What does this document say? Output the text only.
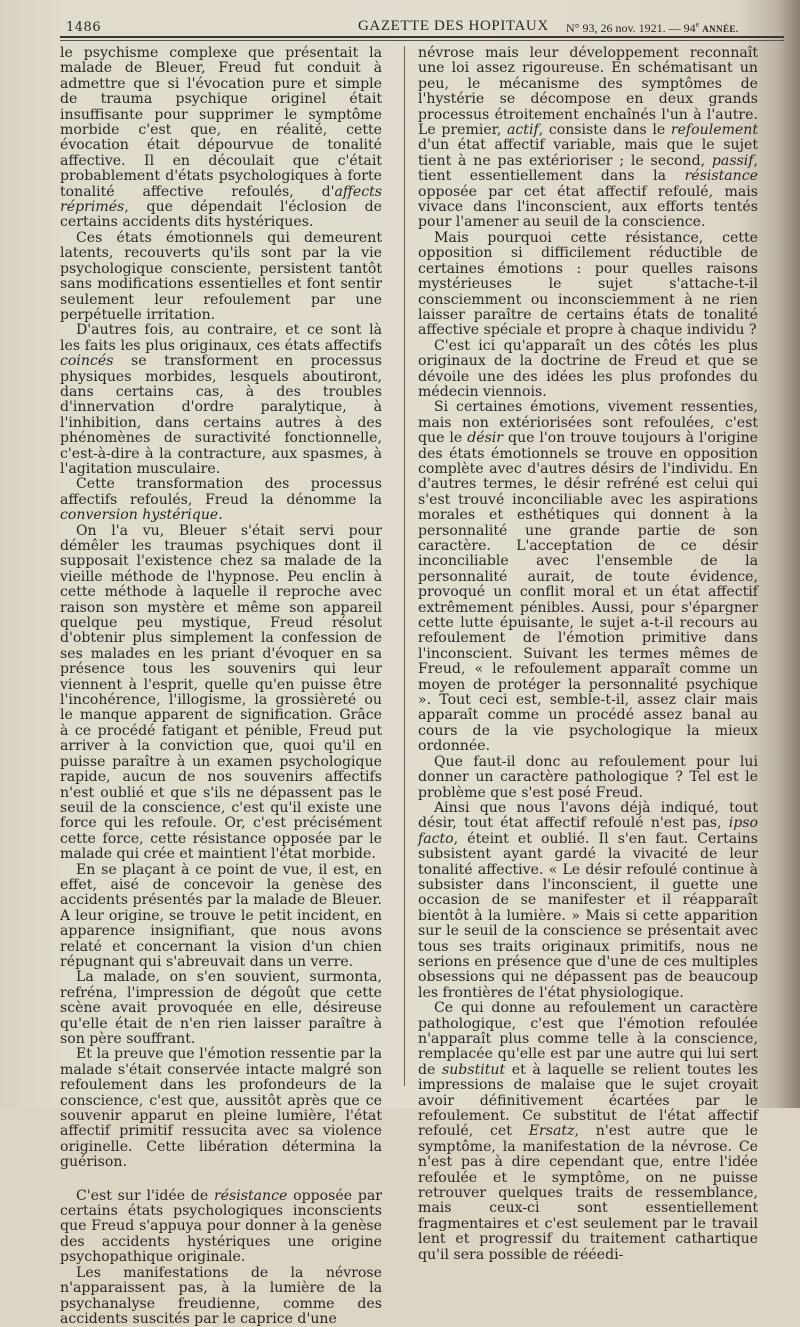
1486	GAZETTE DES HOPITAUX N° 93, 26 nov. 1921. — 94e ANNÉE.

le psychisme complexe que présentait la malade de Bleuer, Freud fut conduit à admettre que si l'évocation pure et simple de trauma psychique originel était insuffisante pour supprimer le symptôme morbide c'est que, en réalité, cette évocation était dépourvue de tonalité affective. Il en découlait que c'était probablement d'états psychologiques à forte tonalité affective refoulés, d'affects réprimés, que dépendait l'éclosion de certains accidents dits hystériques.

Ces états émotionnels qui demeurent latents, recouverts qu'ils sont par la vie psychologique consciente, persistent tantôt sans modifications essentielles et font sentir seulement leur refoulement par une perpétuelle irritation.

D'autres fois, au contraire, et ce sont là les faits les plus originaux, ces états affectifs coincés se transforment en processus physiques morbides, lesquels aboutiront, dans certains cas, à des troubles d'innervation d'ordre paralytique, à l'inhibition, dans certains autres à des phénomènes de suractivité fonctionnelle, c'est-à-dire à la contracture, aux spasmes, à l'agitation musculaire.

Cette transformation des processus affectifs refoulés, Freud la dénomme la conversion hystérique.

On l'a vu, Bleuer s'était servi pour démêler les traumas psychiques dont il supposait l'existence chez sa malade de la vieille méthode de l'hypnose. Peu enclin à cette méthode à laquelle il reproche avec raison son mystère et même son appareil quelque peu mystique, Freud résolut d'obtenir plus simplement la confession de ses malades en les priant d'évoquer en sa présence tous les souvenirs qui leur viennent à l'esprit, quelle qu'en puisse être l'incohérence, l'illogisme, la grossièreté ou le manque apparent de signification. Grâce à ce procédé fatigant et pénible, Freud put arriver à la conviction que, quoi qu'il en puisse paraître à un examen psychologique rapide, aucun de nos souvenirs affectifs n'est oublié et que s'ils ne dépassent pas le seuil de la conscience, c'est qu'il existe une force qui les refoule. Or, c'est précisément cette force, cette résistance opposée par le malade qui crée et maintient l'état morbide.

En se plaçant à ce point de vue, il est, en effet, aisé de concevoir la genèse des accidents présentés par la malade de Bleuer. A leur origine, se trouve le petit incident, en apparence insignifiant, que nous avons relaté et concernant la vision d'un chien répugnant qui s'abreuvait dans un verre.

La malade, on s'en souvient, surmonta, refréna, l'impression de dégoût que cette scène avait provoquée en elle, désireuse qu'elle était de n'en rien laisser paraître à son père souffrant.

Et la preuve que l'émotion ressentie par la malade s'était conservée intacte malgré son refoulement dans les profondeurs de la conscience, c'est que, aussitôt après que ce souvenir apparut en pleine lumière, l'état affectif primitif ressucita avec sa violence originelle. Cette libération détermina la guérison.

C'est sur l'idée de résistance opposée par certains états psychologiques inconscients que Freud s'appuya pour donner à la genèse des accidents hystériques une origine psychopathique originale.

Les manifestations de la névrose n'apparaissent pas, à la lumière de la psychanalyse freudienne, comme des accidents suscités par le caprice d'une

névrose mais leur développement reconnaît une loi assez rigoureuse. En schématisant un peu, le mécanisme des symptômes de l'hystérie se décompose en deux grands processus étroitement enchaînés l'un à l'autre. Le premier, actif, consiste dans le refoulement d'un état affectif variable, mais que le sujet tient à ne pas extérioriser ; le second, passif, tient essentiellement dans la résistance opposée par cet état affectif refoulé, mais vivace dans l'inconscient, aux efforts tentés pour l'amener au seuil de la conscience.

Mais pourquoi cette résistance, cette opposition si difficilement réductible de certaines émotions : pour quelles raisons mystérieuses le sujet s'attache-t-il consciemment ou inconsciemment à ne rien laisser paraître de certains états de tonalité affective spéciale et propre à chaque individu ?

C'est ici qu'apparaît un des côtés les plus originaux de la doctrine de Freud et que se dévoile une des idées les plus profondes du médecin viennois.

Si certaines émotions, vivement ressenties, mais non extériorisées sont refoulées, c'est que le désir que l'on trouve toujours à l'origine des états émotionnels se trouve en opposition complète avec d'autres désirs de l'individu. En d'autres termes, le désir refréné est celui qui s'est trouvé inconciliable avec les aspirations morales et esthétiques qui donnent à la personnalité une grande partie de son caractère. L'acceptation de ce désir inconciliable avec l'ensemble de la personnalité aurait, de toute évidence, provoqué un conflit moral et un état affectif extrêmement pénibles. Aussi, pour s'épargner cette lutte épuisante, le sujet a-t-il recours au refoulement de l'émotion primitive dans l'inconscient. Suivant les termes mêmes de Freud, « le refoulement apparaît comme un moyen de protéger la personnalité psychique ». Tout ceci est, semble-t-il, assez clair mais apparaît comme un procédé assez banal au cours de la vie psychologique la mieux ordonnée.

Que faut-il donc au refoulement pour lui donner un caractère pathologique ? Tel est le problème que s'est posé Freud.

Ainsi que nous l'avons déjà indiqué, tout désir, tout état affectif refoulé n'est pas, ipso facto, éteint et oublié. Il s'en faut. Certains subsistent ayant gardé la vivacité de leur tonalité affective. « Le désir refoulé continue à subsister dans l'inconscient, il guette une occasion de se manifester et il réapparaît bientôt à la lumière. » Mais si cette apparition sur le seuil de la conscience se présentait avec tous ses traits originaux primitifs, nous ne serions en présence que d'une de ces multiples obsessions qui ne dépassent pas de beaucoup les frontières de l'état physiologique.

Ce qui donne au refoulement un caractère pathologique, c'est que l'émotion refoulée n'apparaît plus comme telle à la conscience, remplacée qu'elle est par une autre qui lui sert de substitut et à laquelle se relient toutes les impressions de malaise que le sujet croyait avoir définitivement écartées par le refoulement. Ce substitut de l'état affectif refoulé, cet Ersatz, n'est autre que le symptôme, la manifestation de la névrose. Ce n'est pas à dire cependant que, entre l'idée refoulée et le symptôme, on ne puisse retrouver quelques traits de ressemblance, mais ceux-ci sont essentiellement fragmentaires et c'est seulement par le travail lent et progressif du traitement cathartique qu'il sera possible de rééedi-
